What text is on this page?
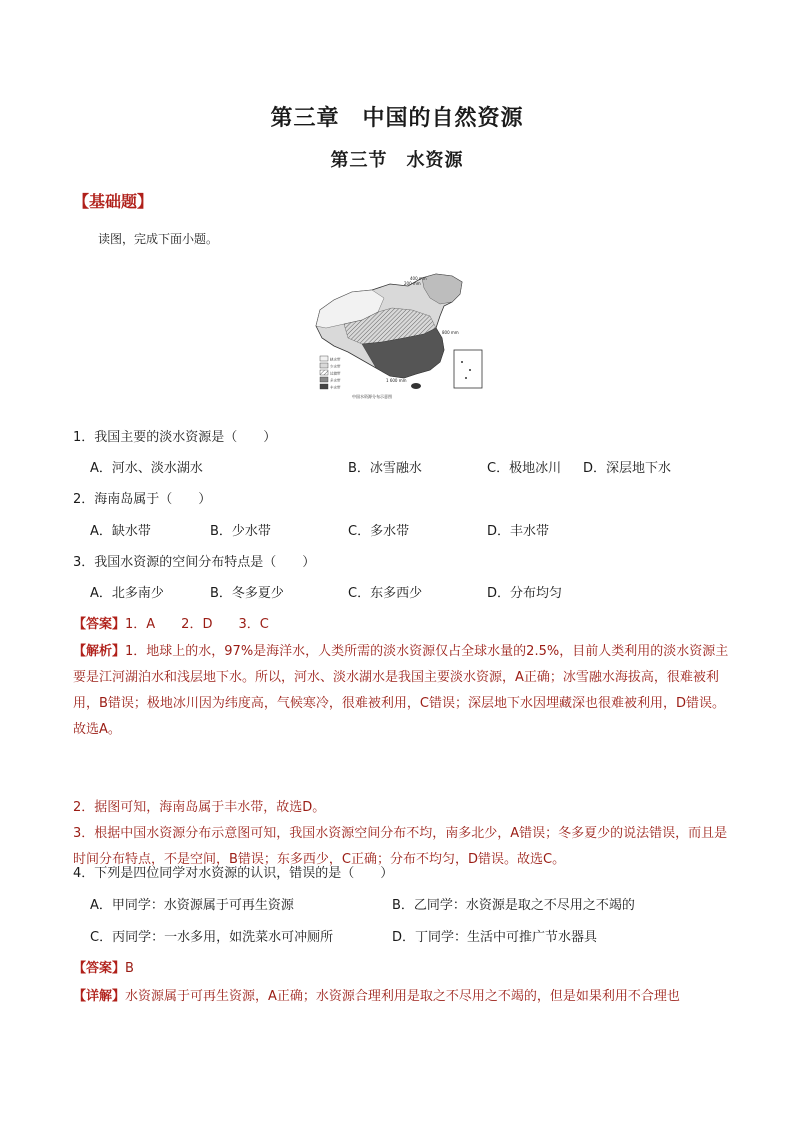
第三章　中国的自然资源
第三节　水资源
【基础题】
读图，完成下面小题。
缺水带
少水带
过渡带
多水带
丰水带
400 mm
200 mm
800 mm
1 600 mm
中国水资源分布示意图
1．我国主要的淡水资源是（　　）
A．河水、淡水湖水	B．冰雪融水	C．极地冰川 D．深层地下水
2．海南岛属于（　　）
A．缺水带	B．少水带	C．多水带	D．丰水带
3．我国水资源的空间分布特点是（　　）
A．北多南少	B．冬多夏少	C．东多西少	D．分布均匀
【答案】1．A　　2．D　　3．C
【解析】1．地球上的水，97%是海洋水，人类所需的淡水资源仅占全球水量的2.5%，目前人类利用的淡水资源主要是江河湖泊水和浅层地下水。所以，河水、淡水湖水是我国主要淡水资源，A正确；冰雪融水海拔高，很难被利用，B错误；极地冰川因为纬度高，气候寒冷，很难被利用，C错误；深层地下水因埋藏深也很难被利用，D错误。故选A。
2．据图可知，海南岛属于丰水带，故选D。
3．根据中国水资源分布示意图可知，我国水资源空间分布不均，南多北少，A错误；冬多夏少的说法错误，而且是时间分布特点，不是空间，B错误；东多西少，C正确；分布不均匀，D错误。故选C。
4．下列是四位同学对水资源的认识，错误的是（　　）
A．甲同学：水资源属于可再生资源	B．乙同学：水资源是取之不尽用之不竭的
C．丙同学：一水多用，如洗菜水可冲厕所	D．丁同学：生活中可推广节水器具
【答案】B
【详解】水资源属于可再生资源，A正确；水资源合理利用是取之不尽用之不竭的，但是如果利用不合理也
